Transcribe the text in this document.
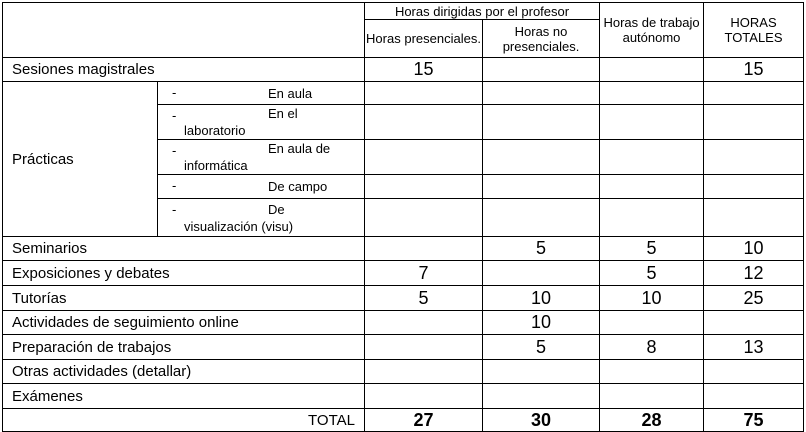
		Horas dirigidas por el profesor		Horas de trabajo autónomo	HORAS TOTALES
		Horas presenciales.	Horas no presenciales.		
Sesiones magistrales		15			15
Prácticas	- En aula				

	- En el
laboratorio				

	- En aula de
informática				

	- De campo				

	- De
visualización (visu)				

Seminarios			5	5	10
Exposiciones y debates		7		5	12
Tutorías		5	10	10	25
Actividades de seguimiento online			10		
Preparación de trabajos			5	8	13
Otras actividades (detallar)					
Exámenes					
TOTAL		27	30	28	75
